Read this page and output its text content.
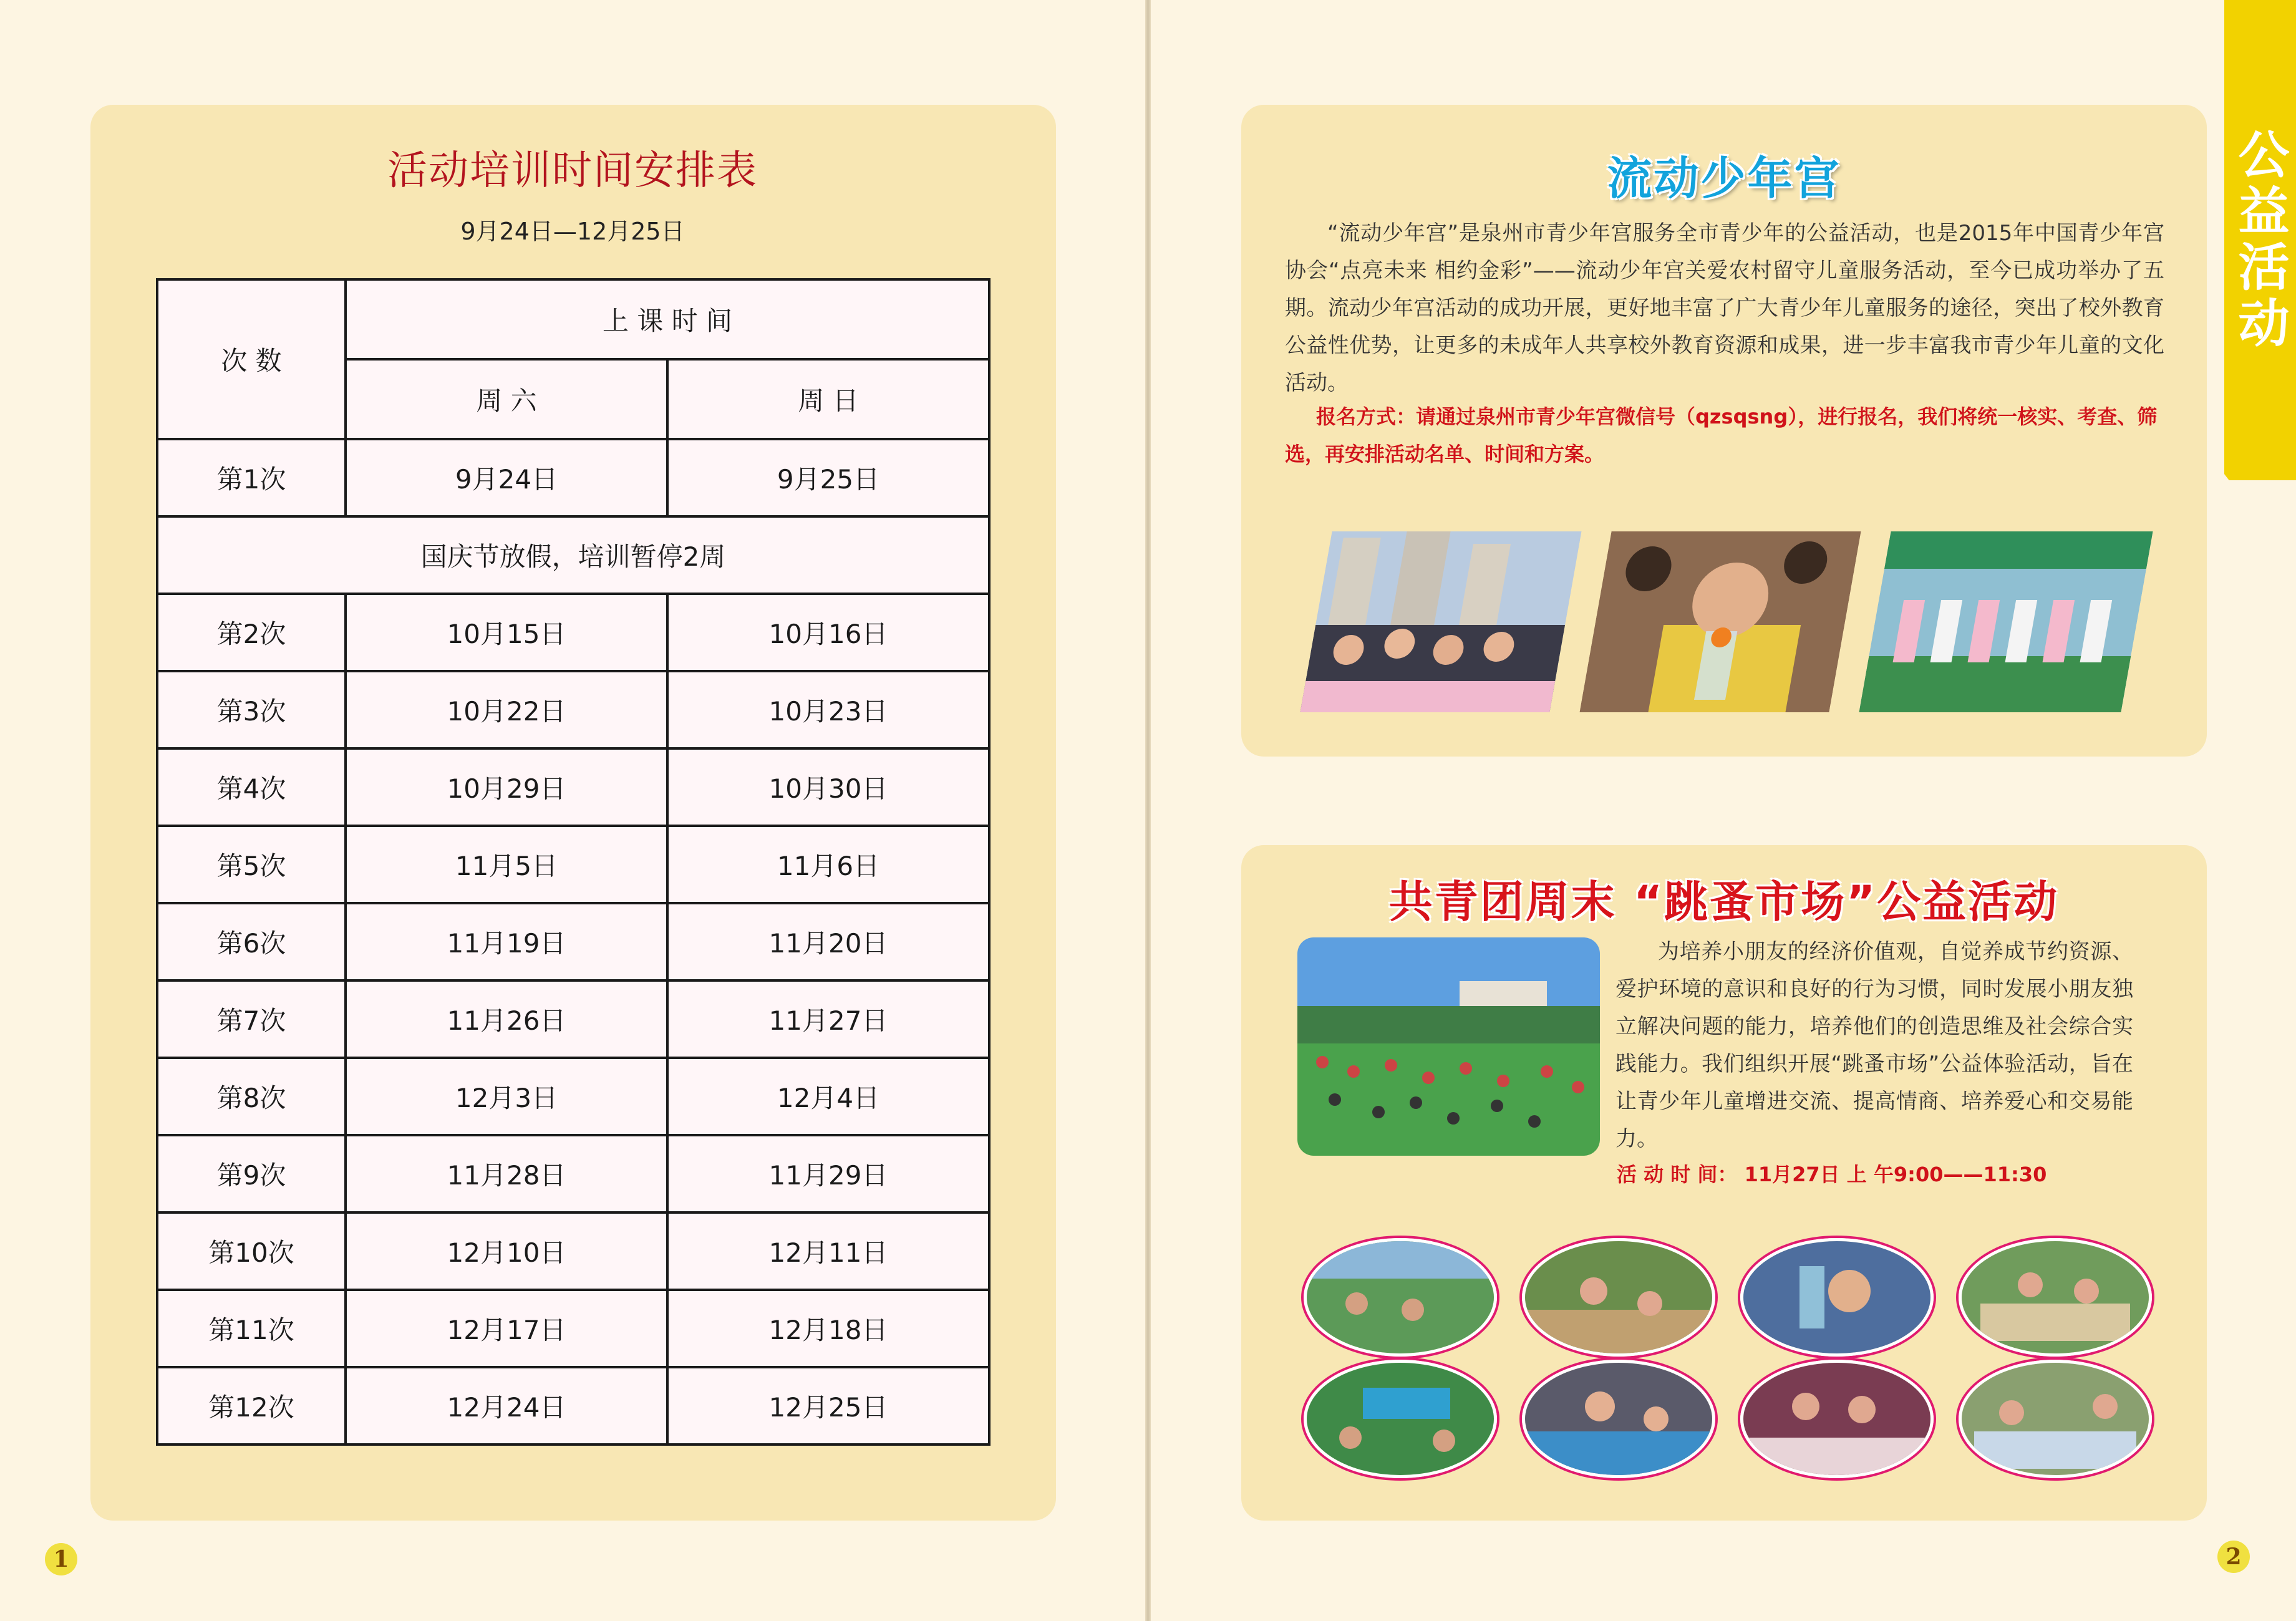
活动培训时间安排表
9月24日—12月25日
次 数	上 课 时 间	
	周 六	周 日
第1次	9月24日	9月25日
国庆节放假，培训暂停2周		
第2次	10月15日	10月16日
第3次	10月22日	10月23日
第4次	10月29日	10月30日
第5次	11月5日	11月6日
第6次	11月19日	11月20日
第7次	11月26日	11月27日
第8次	12月3日	12月4日
第9次	11月28日	11月29日
第10次	12月10日	12月11日
第11次	12月17日	12月18日
第12次	12月24日	12月25日
1
公益活动
流动少年宫
“流动少年宫”是泉州市青少年宫服务全市青少年的公益活动，也是2015年中国青少年宫协会“点亮未来 相约金彩”——流动少年宫关爱农村留守儿童服务活动，至今已成功举办了五期。流动少年宫活动的成功开展，更好地丰富了广大青少年儿童服务的途径，突出了校外教育公益性优势，让更多的未成年人共享校外教育资源和成果，进一步丰富我市青少年儿童的文化活动。
报名方式：请通过泉州市青少年宫微信号（qzsqsng），进行报名，我们将统一核实、考查、筛选，再安排活动名单、时间和方案。
共青团周末 “跳蚤市场”公益活动
为培养小朋友的经济价值观，自觉养成节约资源、爱护环境的意识和良好的行为习惯，同时发展小朋友独立解决问题的能力，培养他们的创造思维及社会综合实践能力。我们组织开展“跳蚤市场”公益体验活动，旨在让青少年儿童增进交流、提高情商、培养爱心和交易能力。
活 动 时 间： 11月27日 上 午9:00——11:30
2
